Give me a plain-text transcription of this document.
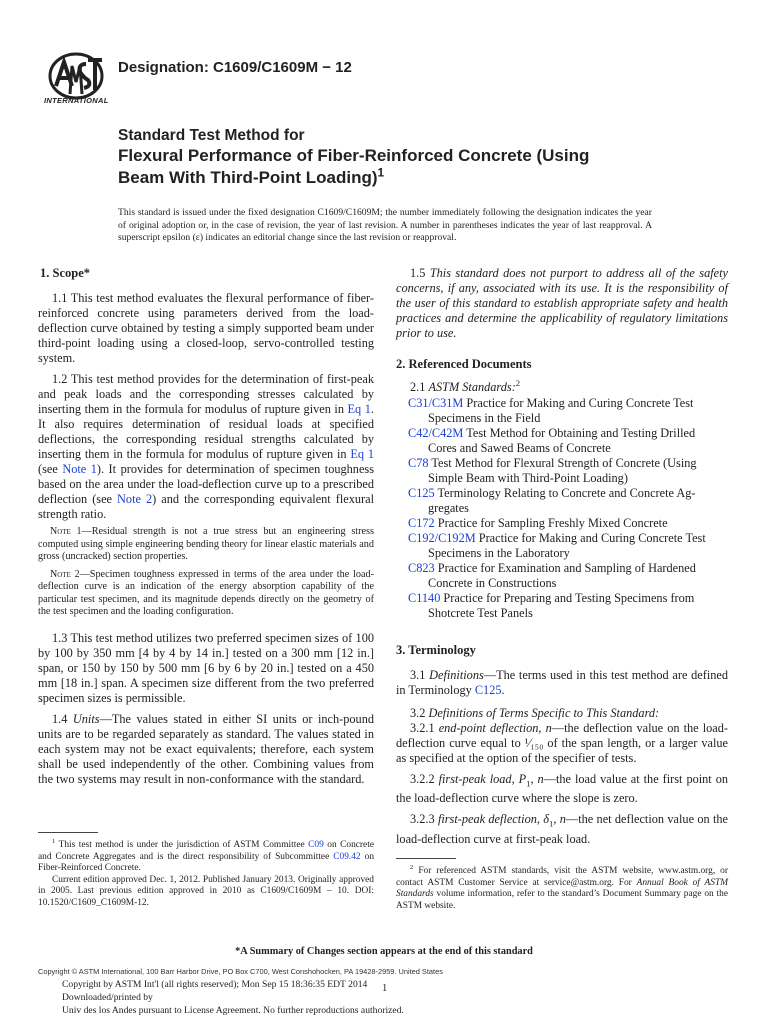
INTERNATIONAL
Designation: C1609/C1609M − 12
Standard Test Method for
Flexural Performance of Fiber-Reinforced Concrete (Using
Beam With Third-Point Loading)$^1$
This standard is issued under the fixed designation C1609/C1609M; the number immediately following the designation indicates the year of original adoption or, in the case of revision, the year of last revision. A number in parentheses indicates the year of last reapproval. A superscript epsilon (ε) indicates an editorial change since the last revision or reapproval.
1. Scope*

1.1 This test method evaluates the flexural performance of fiber-reinforced concrete using parameters derived from the load-deflection curve obtained by testing a simply supported beam under third-point loading using a closed-loop, servo-controlled testing system.

1.2 This test method provides for the determination of first-peak and peak loads and the corresponding stresses calculated by inserting them in the formula for modulus of rupture given in Eq 1. It also requires determination of residual loads at specified deflections, the corresponding residual strengths calculated by inserting them in the formula for modulus of rupture given in Eq 1 (see Note 1). It provides for determination of specimen toughness based on the area under the load-deflection curve up to a prescribed deflection (see Note 2) and the corresponding equivalent flexural strength ratio.

Note 1—Residual strength is not a true stress but an engineering stress computed using simple engineering bending theory for linear elastic materials and gross (uncracked) section properties.

Note 2—Specimen toughness expressed in terms of the area under the load-deflection curve is an indication of the energy absorption capability of the particular test specimen, and its magnitude depends directly on the geometry of the test specimen and the loading configuration.

1.3 This test method utilizes two preferred specimen sizes of 100 by 100 by 350 mm [4 by 4 by 14 in.] tested on a 300 mm [12 in.] span, or 150 by 150 by 500 mm [6 by 6 by 20 in.] tested on a 450 mm [18 in.] span. A specimen size different from the two preferred specimen sizes is permissible.

1.4 Units—The values stated in either SI units or inch-pound units are to be regarded separately as standard. The values stated in each system may not be exact equivalents; therefore, each system shall be used independently of the other. Combining values from the two systems may result in non-conformance with the standard.

$^1$ This test method is under the jurisdiction of ASTM Committee C09 on Concrete and Concrete Aggregates and is the direct responsibility of Subcommittee C09.42 on Fiber-Reinforced Concrete.

Current edition approved Dec. 1, 2012. Published January 2013. Originally approved in 2005. Last previous edition approved in 2010 as C1609/C1609M – 10. DOI: 10.1520/C1609_C1609M-12.

1.5 This standard does not purport to address all of the safety concerns, if any, associated with its use. It is the responsibility of the user of this standard to establish appropriate safety and health practices and determine the applicability of regulatory limitations prior to use.

2. Referenced Documents
2.1 ASTM Standards:$^2$
C31/C31M Practice for Making and Curing Concrete Test
Specimens in the Field
C42/C42M Test Method for Obtaining and Testing Drilled
Cores and Sawed Beams of Concrete
C78 Test Method for Flexural Strength of Concrete (Using
Simple Beam with Third-Point Loading)
C125 Terminology Relating to Concrete and Concrete Ag-
gregates
C172 Practice for Sampling Freshly Mixed Concrete
C192/C192M Practice for Making and Curing Concrete Test
Specimens in the Laboratory
C823 Practice for Examination and Sampling of Hardened
Concrete in Constructions
C1140 Practice for Preparing and Testing Specimens from
Shotcrete Test Panels
3. Terminology

3.1 Definitions—The terms used in this test method are defined in Terminology C125.

3.2 Definitions of Terms Specific to This Standard:

3.2.1 end-point deflection, n—the deflection value on the load-deflection curve equal to ¹⁄₁₅₀ of the span length, or a larger value as specified at the option of the specifier of tests.

3.2.2 first-peak load, $P_1$, n—the load value at the first point on the load-deflection curve where the slope is zero.

3.2.3 first-peak deflection, $\delta_1$, n—the net deflection value on the load-deflection curve at first-peak load.

$^2$ For referenced ASTM standards, visit the ASTM website, www.astm.org, or contact ASTM Customer Service at service@astm.org. For Annual Book of ASTM Standards volume information, refer to the standard’s Document Summary page on the ASTM website.

*A Summary of Changes section appears at the end of this standard
Copyright © ASTM International, 100 Barr Harbor Drive, PO Box C700, West Conshohocken, PA 19428-2959. United States
Copyright by ASTM Int'l (all rights reserved); Mon Sep 15 18:36:35 EDT 2014 1
Downloaded/printed by
Univ des los Andes pursuant to License Agreement. No further reproductions authorized.
